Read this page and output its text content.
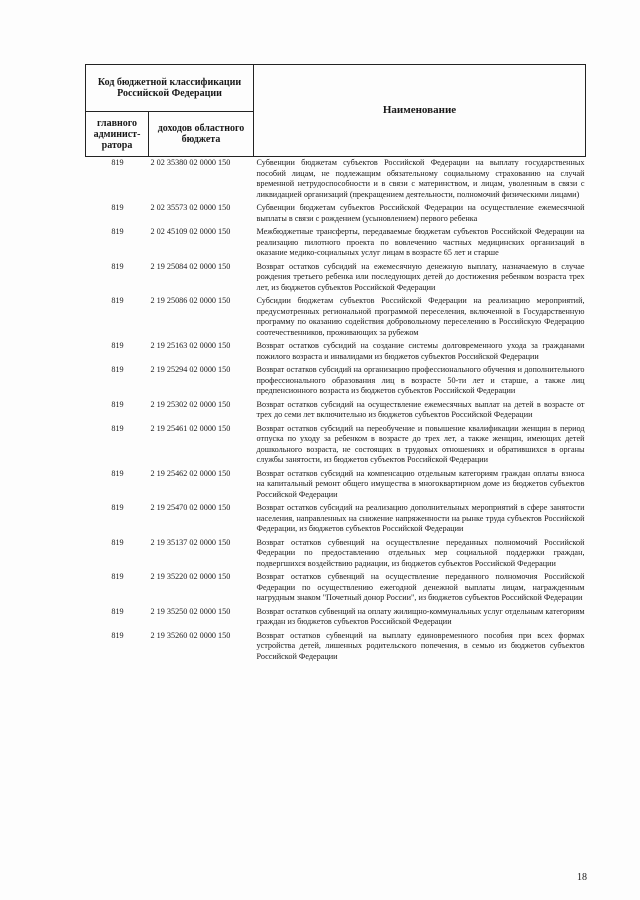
Код бюджетной классификации Российской Федерации		Наименование
главного админист-ратора	доходов областного бюджета	
819	2 02 35380 02 0000 150	Субвенции бюджетам субъектов Российской Федерации на выплату государственных пособий лицам, не подлежащим обязательному социальному страхованию на случай временной нетрудоспособности и в связи с материнством, и лицам, уволенным в связи с ликвидацией организаций (прекращением деятельности, полномочий физическими лицами)
819	2 02 35573 02 0000 150	Субвенции бюджетам субъектов Российской Федерации на осуществление ежемесячной выплаты в связи с рождением (усыновлением) первого ребенка
819	2 02 45109 02 0000 150	Межбюджетные трансферты, передаваемые бюджетам субъектов Российской Федерации на реализацию пилотного проекта по вовлечению частных медицинских организаций в оказание медико-социальных услуг лицам в возрасте 65 лет и старше
819	2 19 25084 02 0000 150	Возврат остатков субсидий на ежемесячную денежную выплату, назначаемую в случае рождения третьего ребенка или последующих детей до достижения ребенком возраста трех лет, из бюджетов субъектов Российской Федерации
819	2 19 25086 02 0000 150	Субсидии бюджетам субъектов Российской Федерации на реализацию мероприятий, предусмотренных региональной программой переселения, включенной в Государственную программу по оказанию содействия добровольному переселению в Российскую Федерацию соотечественников, проживающих за рубежом
819	2 19 25163 02 0000 150	Возврат остатков субсидий на создание системы долговременного ухода за гражданами пожилого возраста и инвалидами из бюджетов субъектов Российской Федерации
819	2 19 25294 02 0000 150	Возврат остатков субсидий на организацию профессионального обучения и дополнительного профессионального образования лиц в возрасте 50-ти лет и старше, а также лиц предпенсионного возраста из бюджетов субъектов Российской Федерации
819	2 19 25302 02 0000 150	Возврат остатков субсидий на осуществление ежемесячных выплат на детей в возрасте от трех до семи лет включительно из бюджетов субъектов Российской Федерации
819	2 19 25461 02 0000 150	Возврат остатков субсидий на переобучение и повышение квалификации женщин в период отпуска по уходу за ребенком в возрасте до трех лет, а также женщин, имеющих детей дошкольного возраста, не состоящих в трудовых отношениях и обратившихся в органы службы занятости, из бюджетов субъектов Российской Федерации
819	2 19 25462 02 0000 150	Возврат остатков субсидий на компенсацию отдельным категориям граждан оплаты взноса на капитальный ремонт общего имущества в многоквартирном доме из бюджетов субъектов Российской Федерации
819	2 19 25470 02 0000 150	Возврат остатков субсидий на реализацию дополнительных мероприятий в сфере занятости населения, направленных на снижение напряженности на рынке труда субъектов Российской Федерации, из бюджетов субъектов Российской Федерации
819	2 19 35137 02 0000 150	Возврат остатков субвенций на осуществление переданных полномочий Российской Федерации по предоставлению отдельных мер социальной поддержки граждан, подвергшихся воздействию радиации, из бюджетов субъектов Российской Федерации
819	2 19 35220 02 0000 150	Возврат остатков субвенций на осуществление переданного полномочия Российской Федерации по осуществлению ежегодной денежной выплаты лицам, награжденным нагрудным знаком "Почетный донор России", из бюджетов субъектов Российской Федерации
819	2 19 35250 02 0000 150	Возврат остатков субвенций на оплату жилищно-коммунальных услуг отдельным категориям граждан из бюджетов субъектов Российской Федерации
819	2 19 35260 02 0000 150	Возврат остатков субвенций на выплату единовременного пособия при всех формах устройства детей, лишенных родительского попечения, в семью из бюджетов субъектов Российской Федерации
18
